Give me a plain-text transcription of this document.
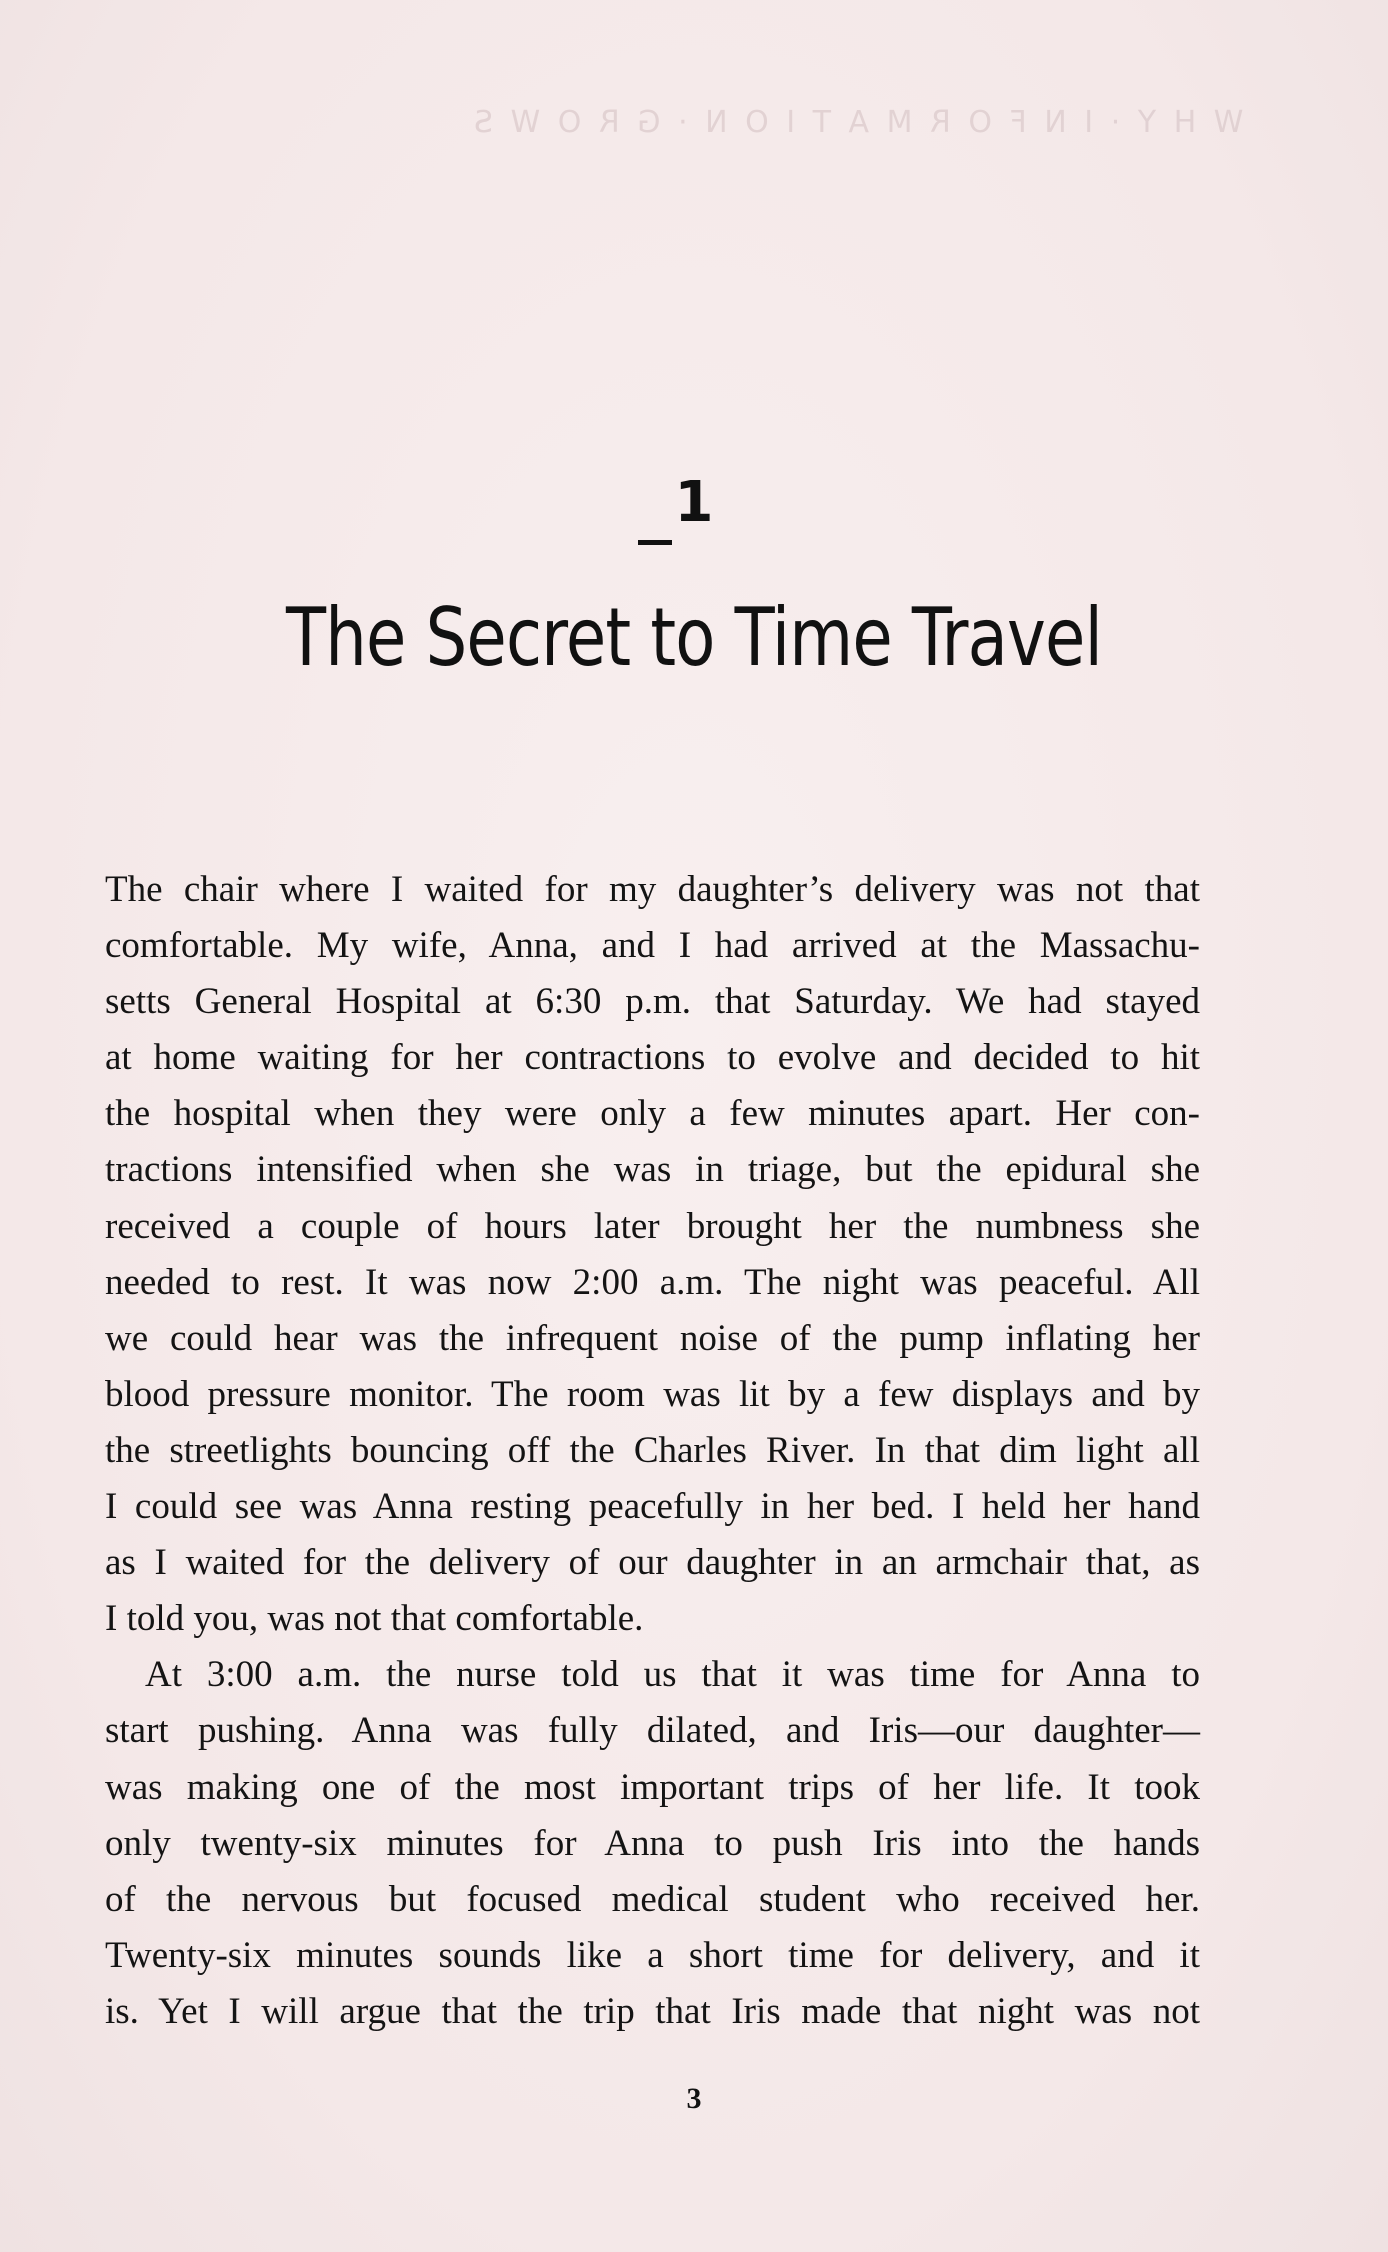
W H Y · I N F O R M A T I O N · G R O W S
1
The Secret to Time Travel
The chair where I waited for my daughter’s delivery was not that
comfortable. My wife, Anna, and I had arrived at the Massachu-
setts General Hospital at 6:30 p.m. that Saturday. We had stayed
at home waiting for her contractions to evolve and decided to hit
the hospital when they were only a few minutes apart. Her con-
tractions intensified when she was in triage, but the epidural she
received a couple of hours later brought her the numbness she
needed to rest. It was now 2:00 a.m. The night was peaceful. All
we could hear was the infrequent noise of the pump inflating her
blood pressure monitor. The room was lit by a few displays and by
the streetlights bouncing off the Charles River. In that dim light all
I could see was Anna resting peacefully in her bed. I held her hand
as I waited for the delivery of our daughter in an armchair that, as
I told you, was not that comfortable.
At 3:00 a.m. the nurse told us that it was time for Anna to
start pushing. Anna was fully dilated, and Iris—our daughter—
was making one of the most important trips of her life. It took
only twenty-six minutes for Anna to push Iris into the hands
of the nervous but focused medical student who received her.
Twenty-six minutes sounds like a short time for delivery, and it
is. Yet I will argue that the trip that Iris made that night was not
3
